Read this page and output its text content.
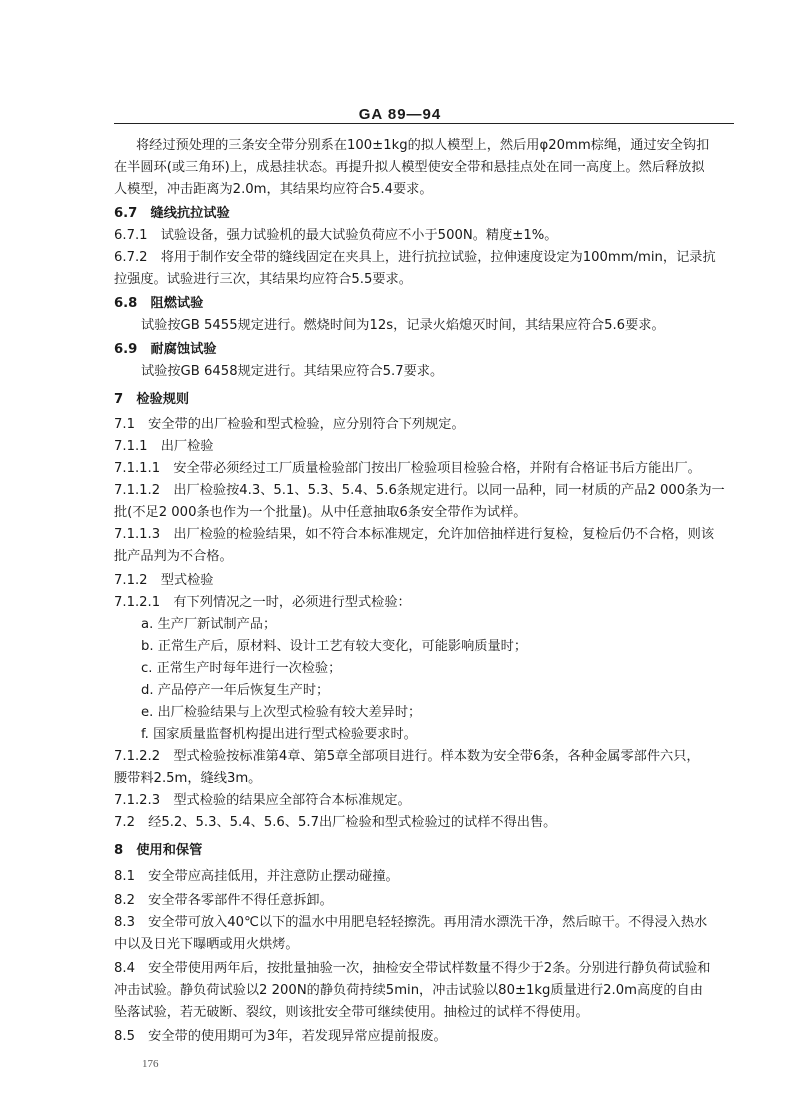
GA 89—94
将经过预处理的三条安全带分别系在100±1kg的拟人模型上，然后用φ20mm棕绳，通过安全钩扣
在半圆环(或三角环)上，成悬挂状态。再提升拟人模型使安全带和悬挂点处在同一高度上。然后释放拟
人模型，冲击距离为2.0m，其结果均应符合5.4要求。
6.7　缝线抗拉试验
6.7.1　试验设备，强力试验机的最大试验负荷应不小于500N。精度±1%。
6.7.2　将用于制作安全带的缝线固定在夹具上，进行抗拉试验，拉伸速度设定为100mm/min，记录抗
拉强度。试验进行三次，其结果均应符合5.5要求。
6.8　阻燃试验
试验按GB 5455规定进行。燃烧时间为12s，记录火焰熄灭时间，其结果应符合5.6要求。
6.9　耐腐蚀试验
试验按GB 6458规定进行。其结果应符合5.7要求。
7　检验规则
7.1　安全带的出厂检验和型式检验，应分别符合下列规定。
7.1.1　出厂检验
7.1.1.1　安全带必须经过工厂质量检验部门按出厂检验项目检验合格，并附有合格证书后方能出厂。
7.1.1.2　出厂检验按4.3、5.1、5.3、5.4、5.6条规定进行。以同一品种，同一材质的产品2 000条为一
批(不足2 000条也作为一个批量)。从中任意抽取6条安全带作为试样。
7.1.1.3　出厂检验的检验结果，如不符合本标准规定，允许加倍抽样进行复检，复检后仍不合格，则该
批产品判为不合格。
7.1.2　型式检验
7.1.2.1　有下列情况之一时，必须进行型式检验：
a. 生产厂新试制产品；
b. 正常生产后，原材料、设计工艺有较大变化，可能影响质量时；
c. 正常生产时每年进行一次检验；
d. 产品停产一年后恢复生产时；
e. 出厂检验结果与上次型式检验有较大差异时；
f. 国家质量监督机构提出进行型式检验要求时。
7.1.2.2　型式检验按标准第4章、第5章全部项目进行。样本数为安全带6条，各种金属零部件六只，
腰带料2.5m，缝线3m。
7.1.2.3　型式检验的结果应全部符合本标准规定。
7.2　经5.2、5.3、5.4、5.6、5.7出厂检验和型式检验过的试样不得出售。
8　使用和保管
8.1　安全带应高挂低用，并注意防止摆动碰撞。
8.2　安全带各零部件不得任意拆卸。
8.3　安全带可放入40℃以下的温水中用肥皂轻轻擦洗。再用清水漂洗干净，然后晾干。不得浸入热水
中以及日光下曝晒或用火烘烤。
8.4　安全带使用两年后，按批量抽验一次，抽检安全带试样数量不得少于2条。分别进行静负荷试验和
冲击试验。静负荷试验以2 200N的静负荷持续5min，冲击试验以80±1kg质量进行2.0m高度的自由
坠落试验，若无破断、裂纹，则该批安全带可继续使用。抽检过的试样不得使用。
8.5　安全带的使用期可为3年，若发现异常应提前报废。
176
